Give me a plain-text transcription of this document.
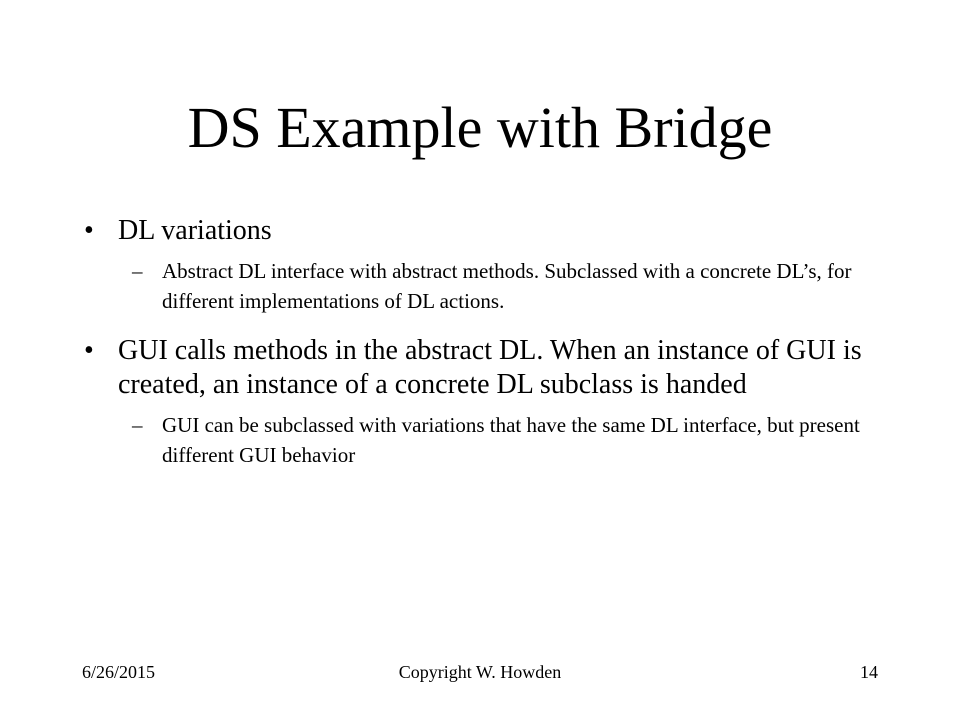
DS Example with Bridge
• DL variations
– Abstract DL interface with abstract methods. Subclassed with a concrete DL’s, for different implementations of DL actions.
• GUI calls methods in the abstract DL. When an instance of GUI is created, an instance of a concrete DL subclass is handed
– GUI can be subclassed with variations that have the same DL interface, but present different GUI behavior
6/26/2015	Copyright W. Howden	14
